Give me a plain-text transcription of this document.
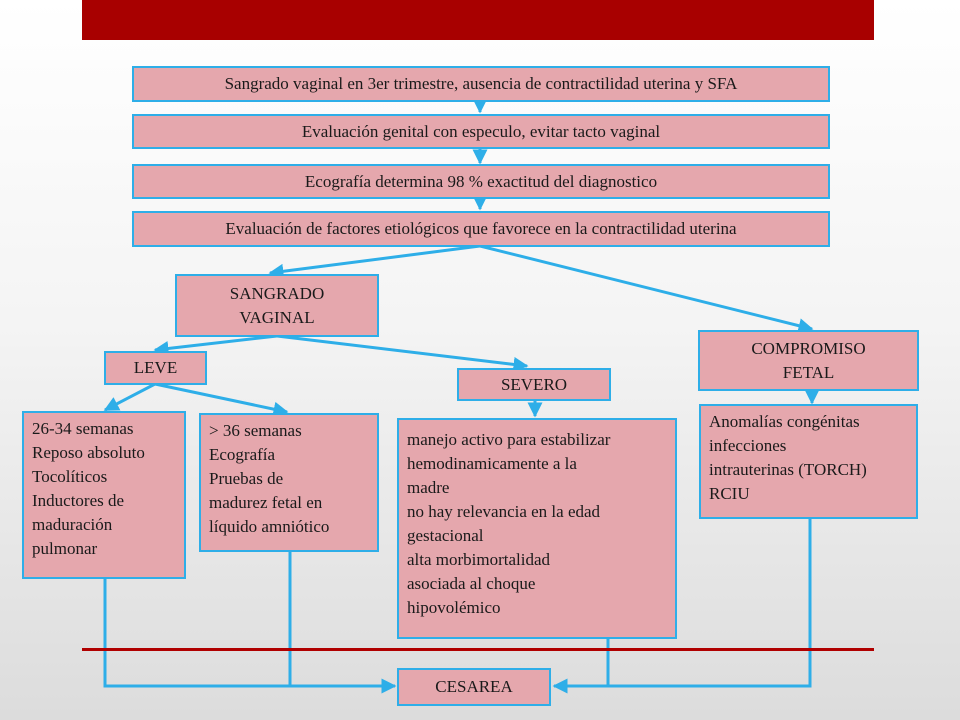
Sangrado vaginal en 3er trimestre, ausencia de contractilidad uterina y SFA
Evaluación genital con especulo, evitar tacto vaginal
Ecografía determina 98 % exactitud del diagnostico
Evaluación de factores etiológicos que favorece en la contractilidad uterina
SANGRADO
VAGINAL
COMPROMISO
FETAL
LEVE
SEVERO
26-34 semanas
Reposo absoluto
Tocolíticos
Inductores de
maduración
pulmonar
> 36 semanas
Ecografía
Pruebas de
madurez fetal en
líquido amniótico
manejo activo para estabilizar
hemodinamicamente a la
madre
no hay relevancia en la edad
gestacional
alta morbimortalidad
asociada al choque
hipovolémico
Anomalías congénitas
infecciones
intrauterinas (TORCH)
RCIU
CESAREA
